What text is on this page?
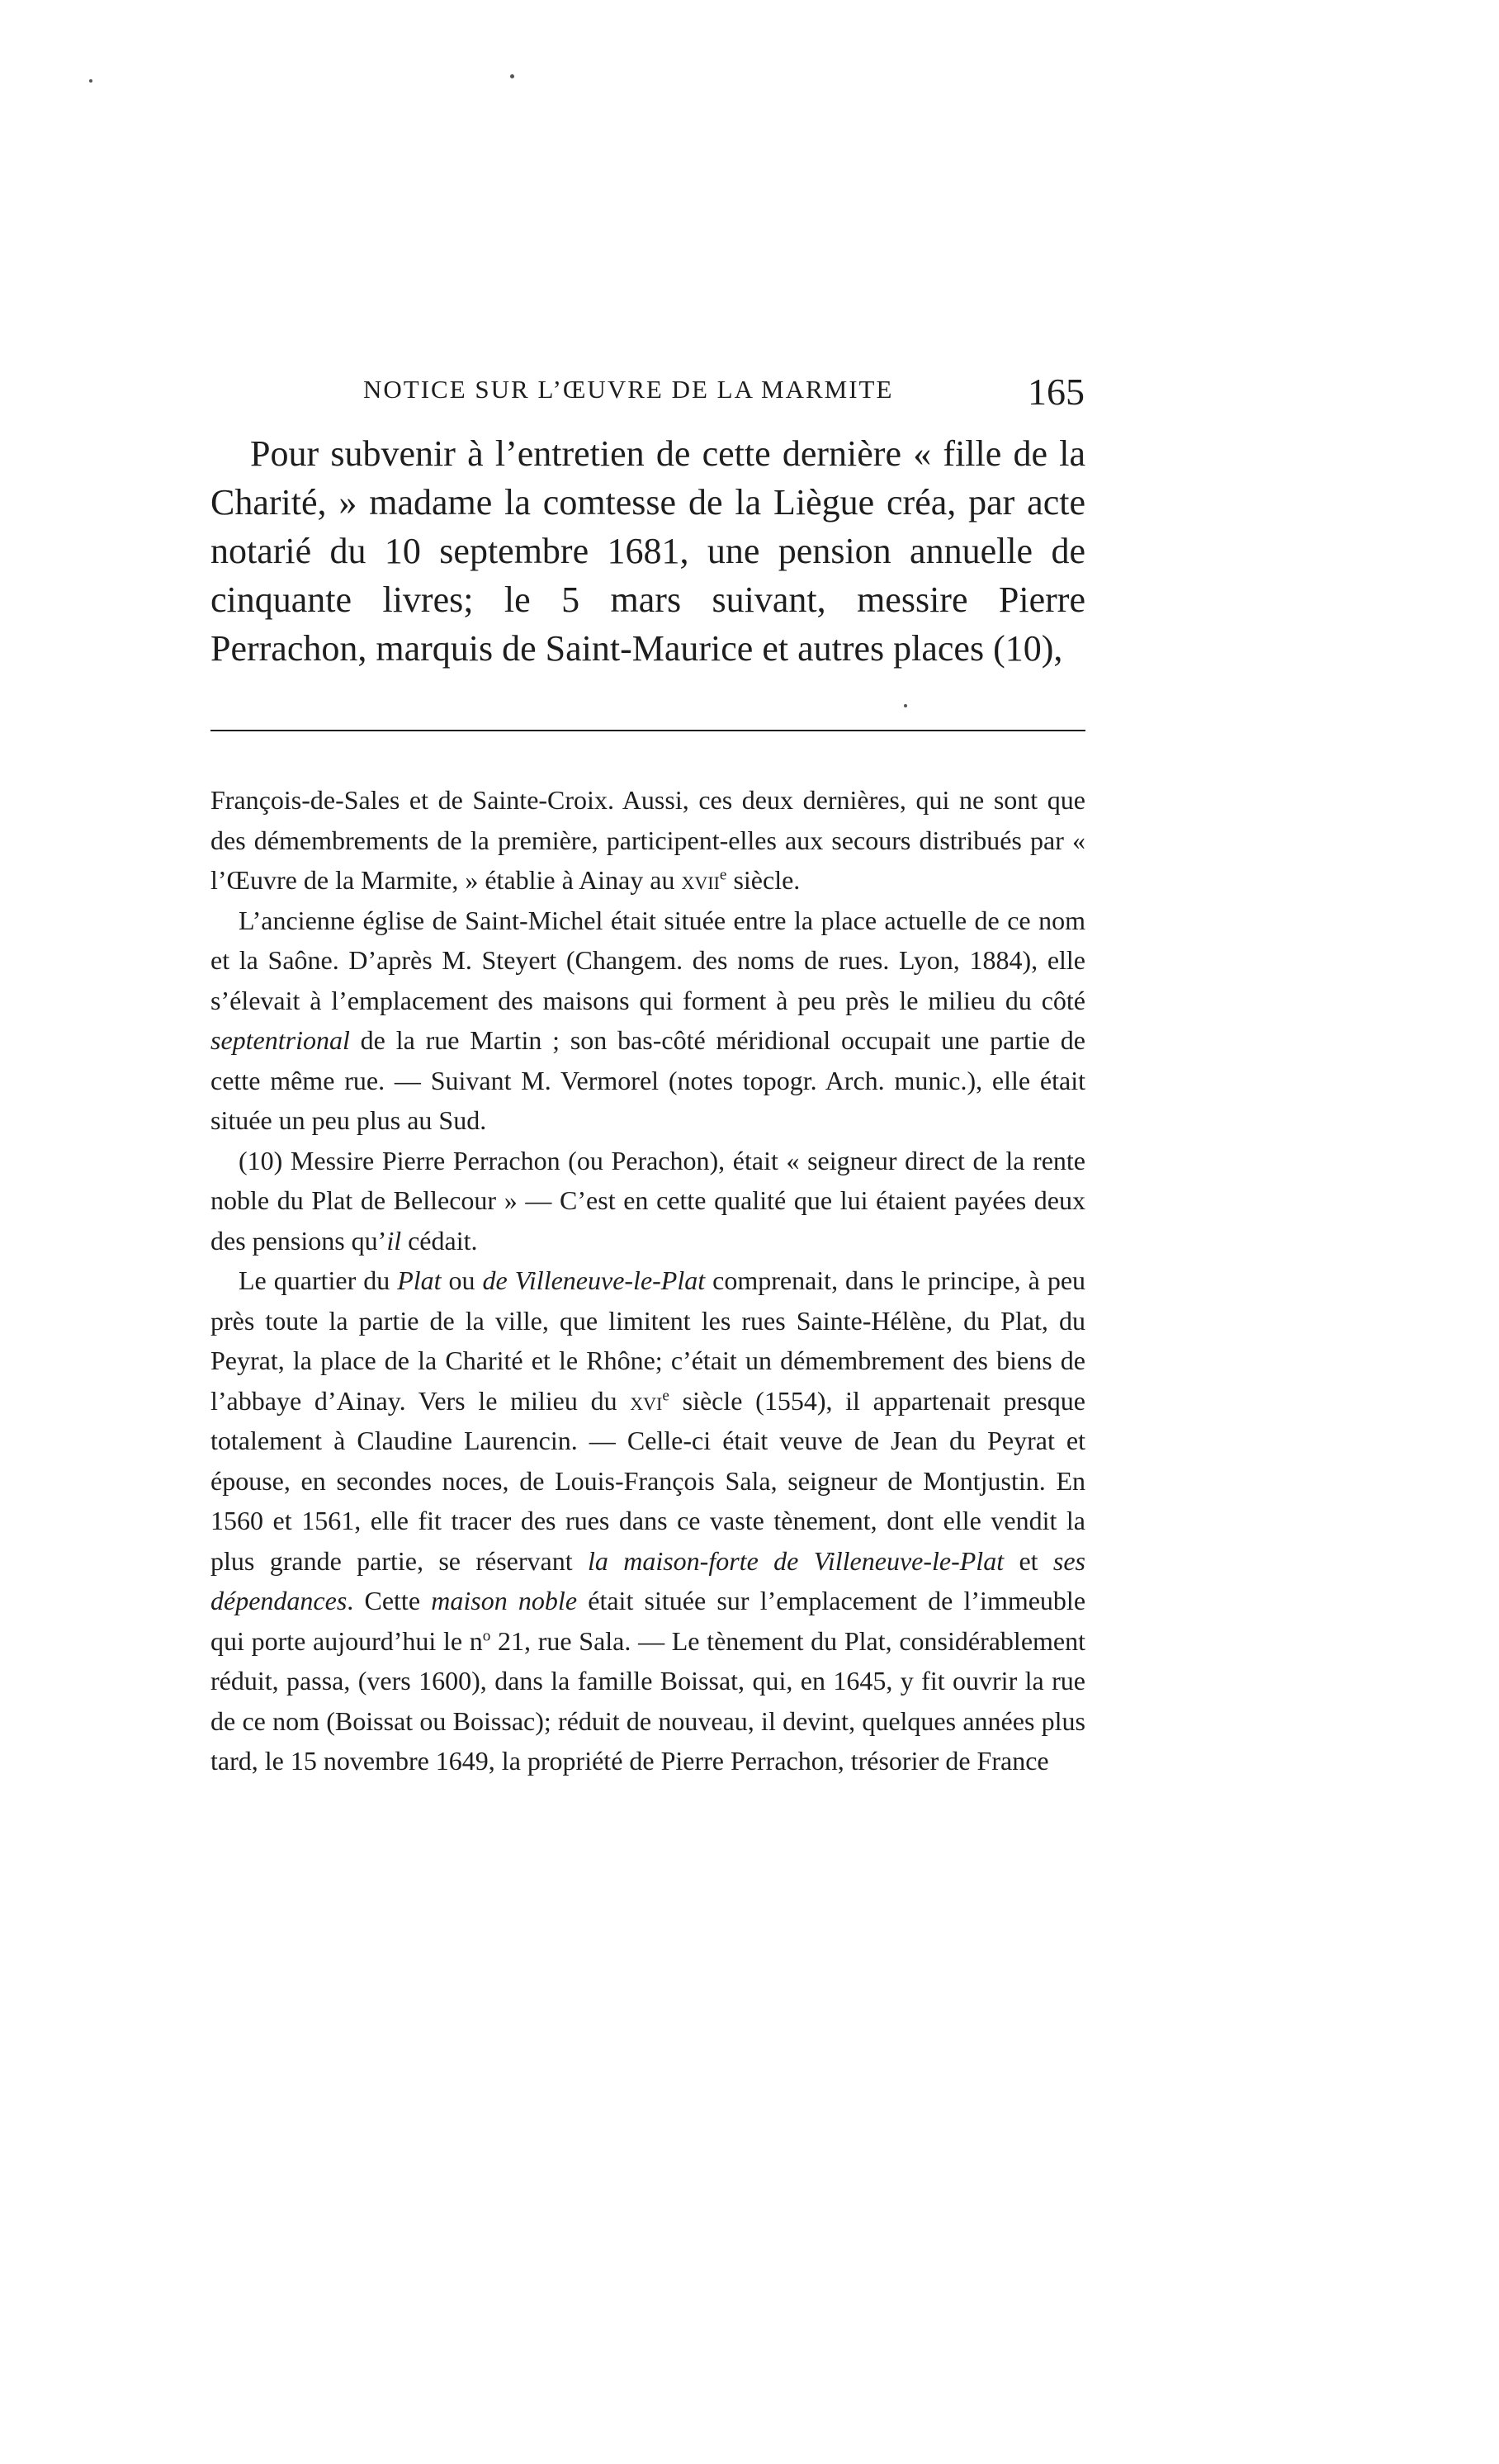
NOTICE SUR L’ŒUVRE DE LA MARMITE	165

Pour subvenir à l’entretien de cette dernière « fille de la Charité, » madame la comtesse de la Liègue créa, par acte notarié du 10 septembre 1681, une pension annuelle de cinquante livres; le 5 mars suivant, messire Pierre Perrachon, marquis de Saint-Maurice et autres places (10),

François-de-Sales et de Sainte-Croix. Aussi, ces deux dernières, qui ne sont que des démembrements de la première, participent-elles aux secours distribués par « l’Œuvre de la Marmite, » établie à Ainay au xvii$^e$ siècle.

L’ancienne église de Saint-Michel était située entre la place actuelle de ce nom et la Saône. D’après M. Steyert (Changem. des noms de rues. Lyon, 1884), elle s’élevait à l’emplacement des maisons qui forment à peu près le milieu du côté septentrional de la rue Martin ; son bas-côté méridional occupait une partie de cette même rue. — Suivant M. Vermorel (notes topogr. Arch. munic.), elle était située un peu plus au Sud.

(10) Messire Pierre Perrachon (ou Perachon), était « seigneur direct de la rente noble du Plat de Bellecour » — C’est en cette qualité que lui étaient payées deux des pensions qu’il cédait.

Le quartier du Plat ou de Villeneuve-le-Plat comprenait, dans le principe, à peu près toute la partie de la ville, que limitent les rues Sainte-Hélène, du Plat, du Peyrat, la place de la Charité et le Rhône; c’était un démembrement des biens de l’abbaye d’Ainay. Vers le milieu du xvi$^e$ siècle (1554), il appartenait presque totalement à Claudine Laurencin. — Celle-ci était veuve de Jean du Peyrat et épouse, en secondes noces, de Louis-François Sala, seigneur de Montjustin. En 1560 et 1561, elle fit tracer des rues dans ce vaste tènement, dont elle vendit la plus grande partie, se réservant la maison-forte de Villeneuve-le-Plat et ses dépendances. Cette maison noble était située sur l’emplacement de l’immeuble qui porte aujourd’hui le $n^o$ 21, rue Sala. — Le tènement du Plat, considérablement réduit, passa, (vers 1600), dans la famille Boissat, qui, en 1645, y fit ouvrir la rue de ce nom (Boissat ou Boissac); réduit de nouveau, il devint, quelques années plus tard, le 15 novembre 1649, la propriété de Pierre Perrachon, trésorier de France
